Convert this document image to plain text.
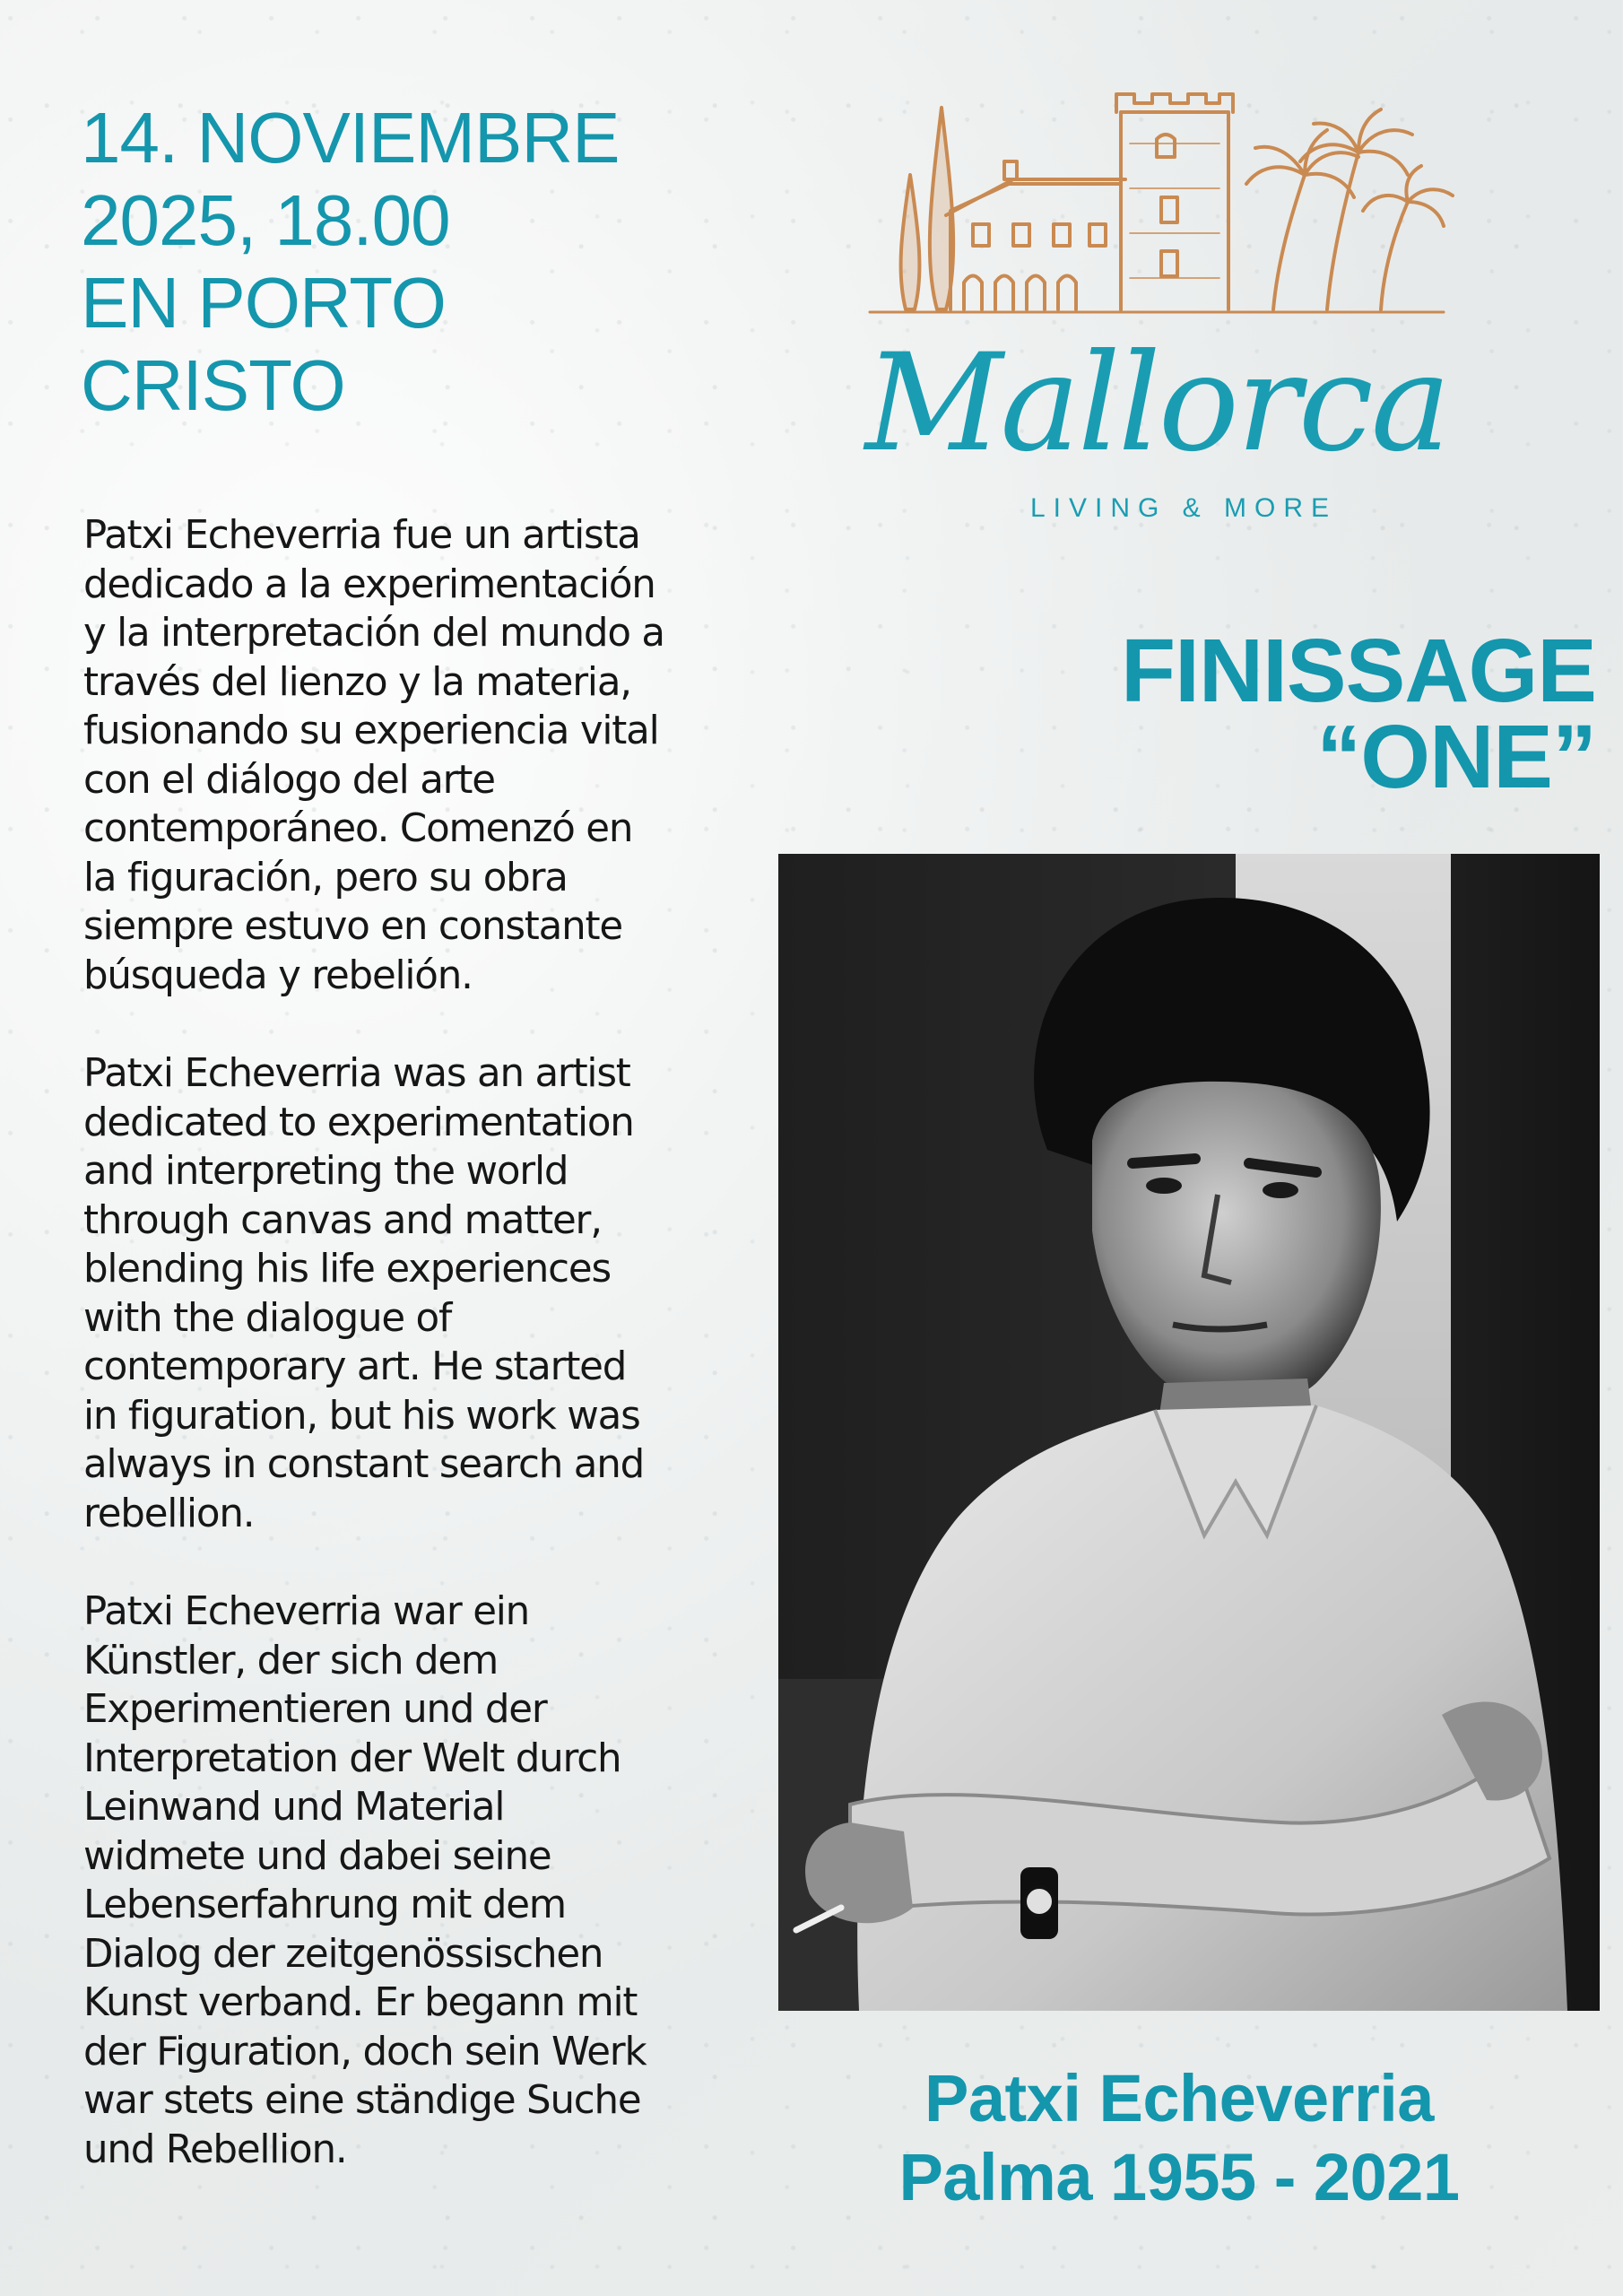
14. NOVIEMBRE
2025, 18.00
EN PORTO
CRISTO	Mallorca
LIVING & MORE
FINISSAGE
“ONE”

Patxi Echeverria fue un artista
dedicado a la experimentación
y la interpretación del mundo a
través del lienzo y la materia,
fusionando su experiencia vital
con el diálogo del arte
contemporáneo. Comenzó en
la figuración, pero su obra
siempre estuvo en constante
búsqueda y rebelión.

Patxi Echeverria was an artist
dedicated to experimentation
and interpreting the world
through canvas and matter,
blending his life experiences
with the dialogue of
contemporary art. He started
in figuration, but his work was
always in constant search and
rebellion.

Patxi Echeverria war ein
Künstler, der sich dem
Experimentieren und der
Interpretation der Welt durch
Leinwand und Material
widmete und dabei seine
Lebenserfahrung mit dem
Dialog der zeitgenössischen
Kunst verband. Er begann mit
der Figuration, doch sein Werk
war stets eine ständige Suche
und Rebellion.

Patxi Echeverria
Palma 1955 - 2021
